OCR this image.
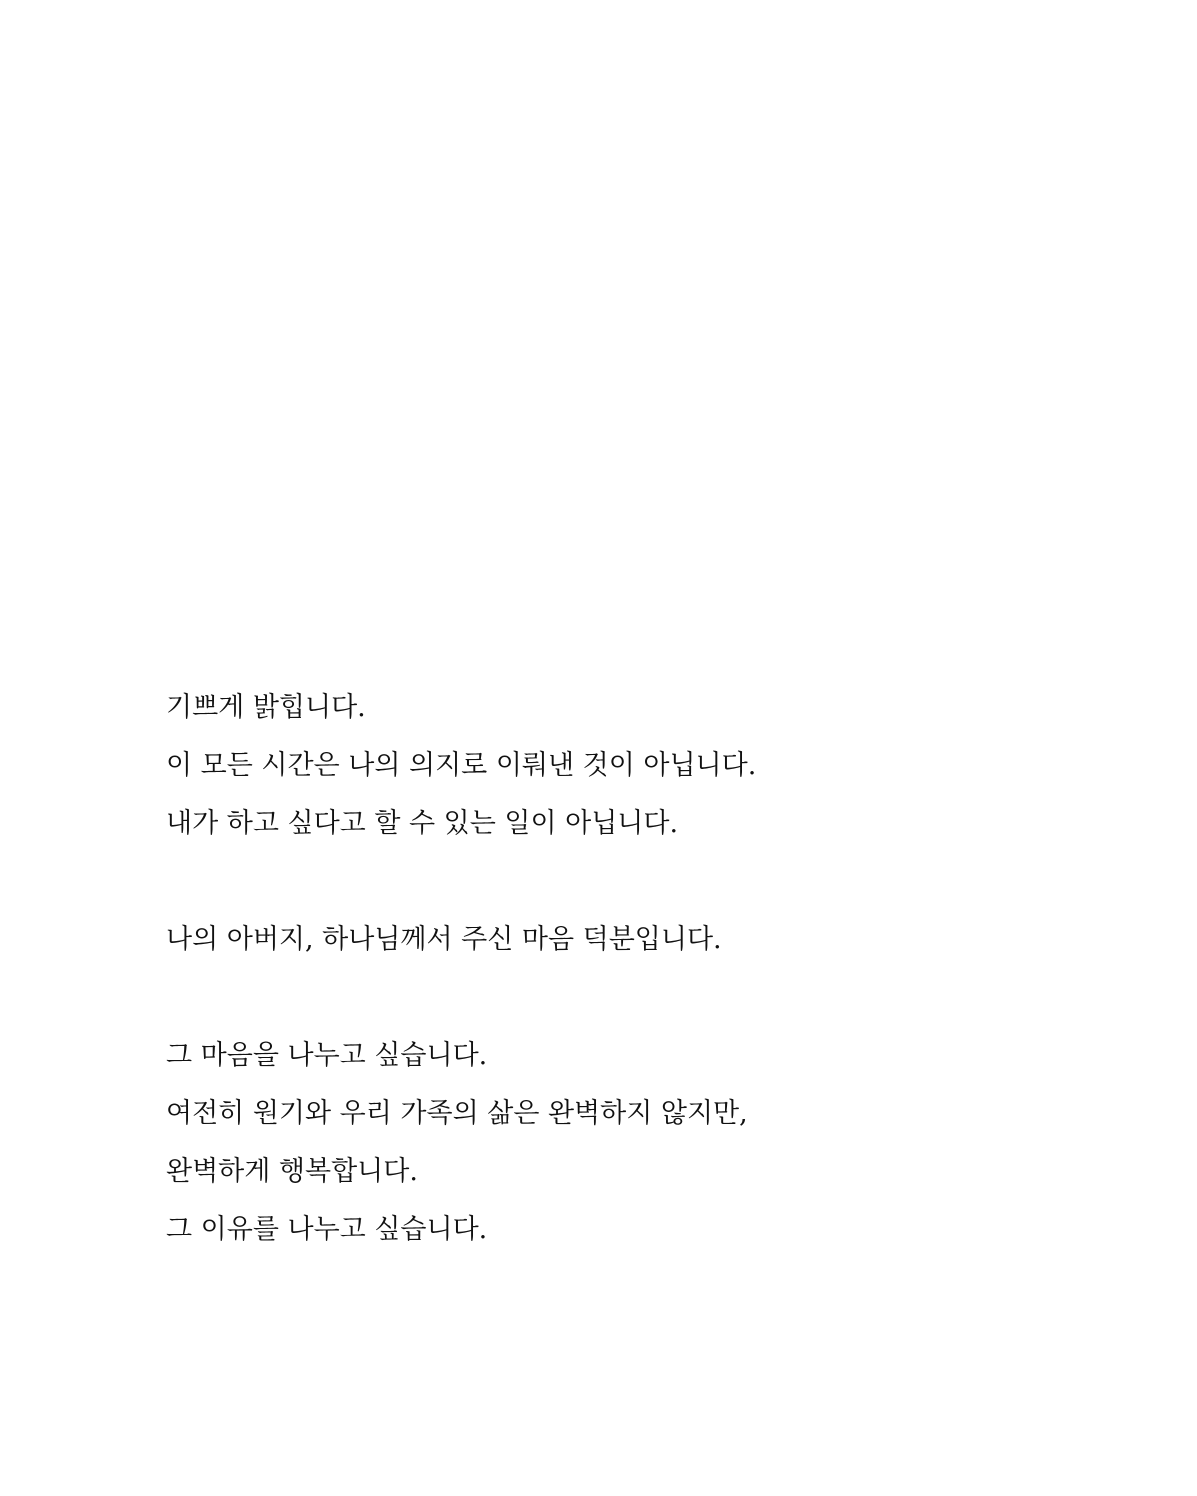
기쁘게 밝힙니다.
이 모든 시간은 나의 의지로 이뤄낸 것이 아닙니다.
내가 하고 싶다고 할 수 있는 일이 아닙니다.
나의 아버지, 하나님께서 주신 마음 덕분입니다.
그 마음을 나누고 싶습니다.
여전히 원기와 우리 가족의 삶은 완벽하지 않지만,
완벽하게 행복합니다.
그 이유를 나누고 싶습니다.
